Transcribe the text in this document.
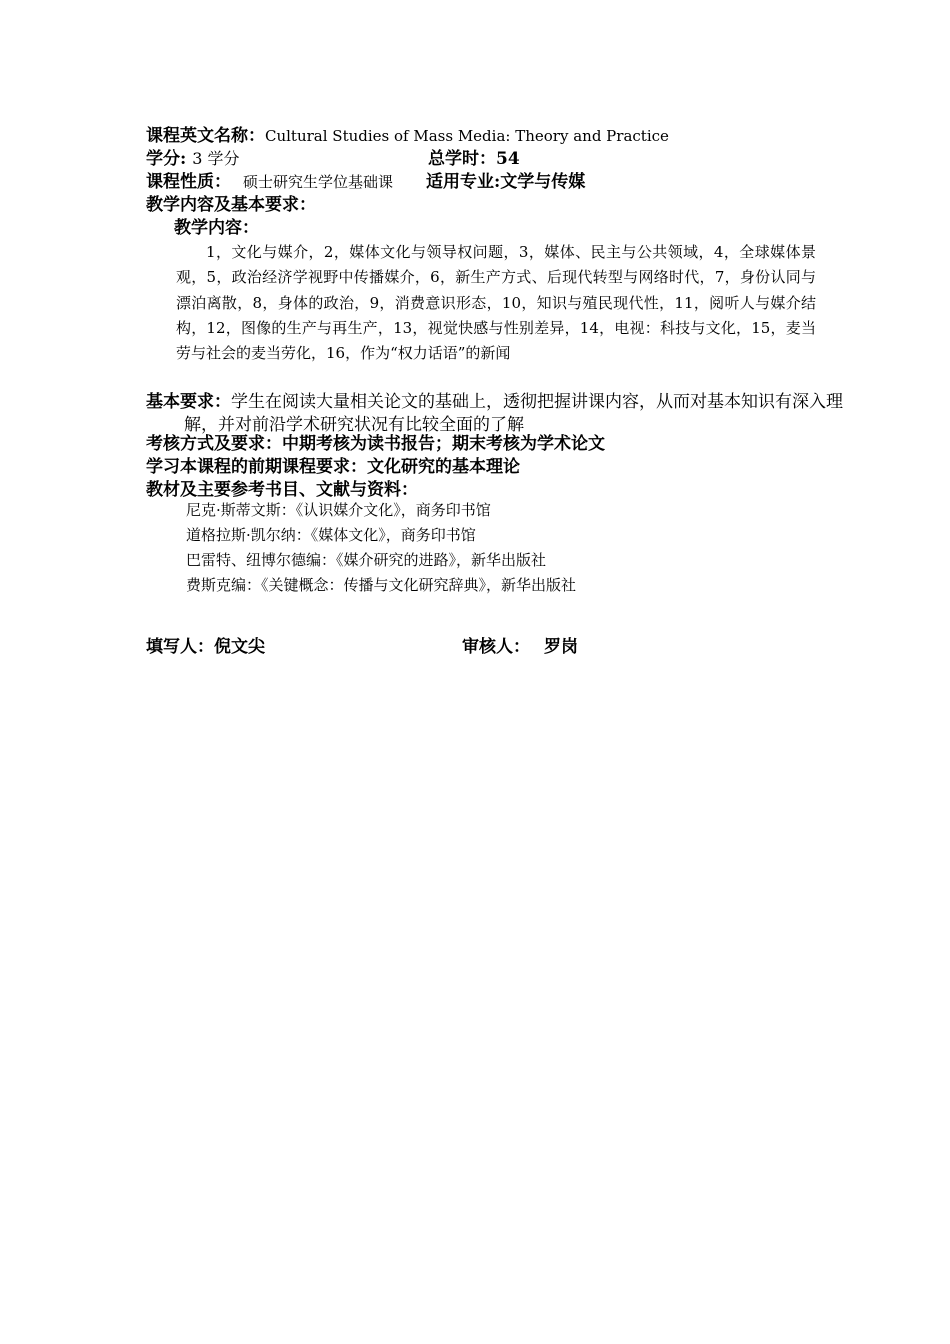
课程英文名称：Cultural Studies of Mass Media: Theory and Practice
学分: 3 学分	总学时：54
课程性质： 硕士研究生学位基础课 适用专业:文学与传媒
教学内容及基本要求：
教学内容：
1，文化与媒介，2，媒体文化与领导权问题，3，媒体、民主与公共领域，4，全球媒体景观，5，政治经济学视野中传播媒介，6，新生产方式、后现代转型与网络时代，7，身份认同与漂泊离散，8，身体的政治，9，消费意识形态，10，知识与殖民现代性，11，阅听人与媒介结构，12，图像的生产与再生产，13，视觉快感与性别差异，14，电视：科技与文化，15，麦当劳与社会的麦当劳化，16，作为“权力话语”的新闻
基本要求：学生在阅读大量相关论文的基础上，透彻把握讲课内容，从而对基本知识有深入理解，并对前沿学术研究状况有比较全面的了解
考核方式及要求：中期考核为读书报告；期末考核为学术论文
学习本课程的前期课程要求：文化研究的基本理论
教材及主要参考书目、文献与资料：
尼克·斯蒂文斯：《认识媒介文化》，商务印书馆
道格拉斯·凯尔纳：《媒体文化》，商务印书馆
巴雷特、纽博尔德编：《媒介研究的进路》，新华出版社
费斯克编：《关键概念：传播与文化研究辞典》，新华出版社
填写人：倪文尖	审核人： 罗岗
